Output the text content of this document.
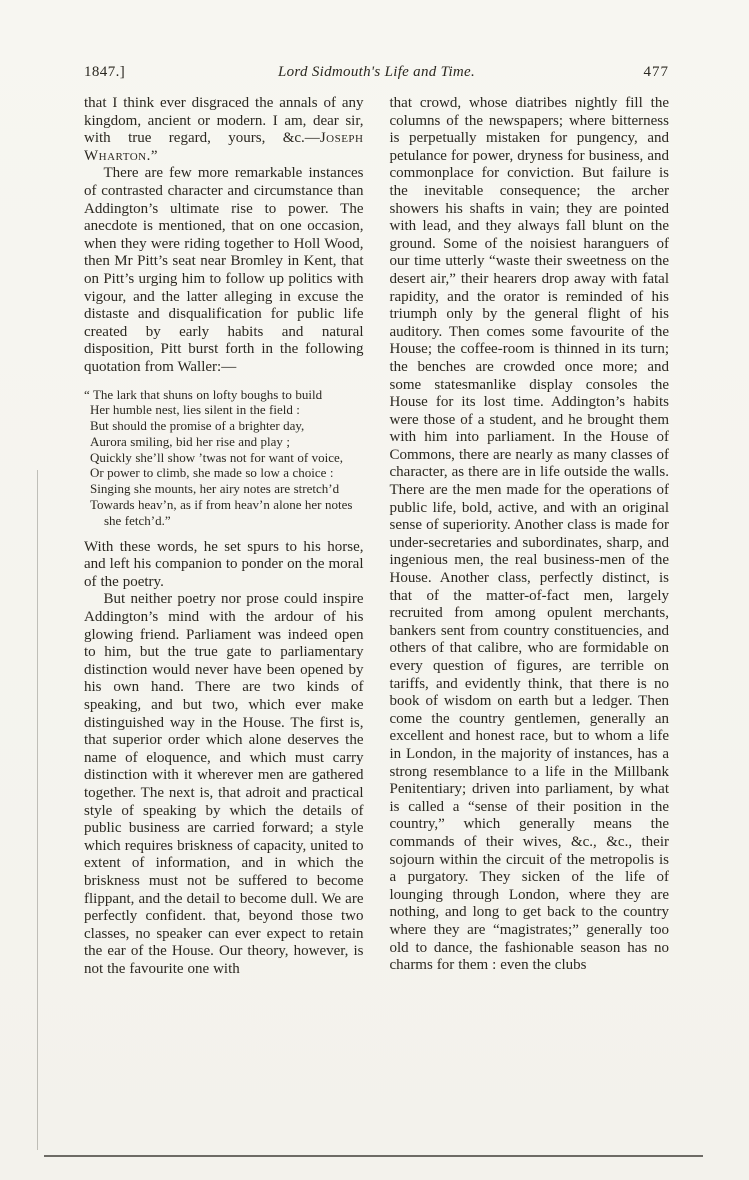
1847.]	Lord Sidmouth's Life and Time.	477

that I think ever disgraced the annals of any kingdom, ancient or modern. I am, dear sir, with true regard, yours, &c.—Joseph Wharton.”

There are few more remarkable instances of contrasted character and circumstance than Addington’s ultimate rise to power. The anecdote is mentioned, that on one occasion, when they were riding together to Holl Wood, then Mr Pitt’s seat near Bromley in Kent, that on Pitt’s urging him to follow up politics with vigour, and the latter alleging in excuse the distaste and disqualification for public life created by early habits and natural disposition, Pitt burst forth in the following quotation from Waller:—

“ The lark that shuns on lofty boughs to build
Her humble nest, lies silent in the field :
But should the promise of a brighter day,
Aurora smiling, bid her rise and play ;
Quickly she’ll show ’twas not for want of voice,
Or power to climb, she made so low a choice :
Singing she mounts, her airy notes are stretch’d
Towards heav’n, as if from heav’n alone her notes she fetch’d.”

With these words, he set spurs to his horse, and left his companion to ponder on the moral of the poetry.

But neither poetry nor prose could inspire Addington’s mind with the ardour of his glowing friend. Parliament was indeed open to him, but the true gate to parliamentary distinction would never have been opened by his own hand. There are two kinds of speaking, and but two, which ever make distinguished way in the House. The first is, that superior order which alone deserves the name of eloquence, and which must carry distinction with it wherever men are gathered together. The next is, that adroit and practical style of speaking by which the details of public business are carried forward; a style which requires briskness of capacity, united to extent of information, and in which the briskness must not be suffered to become flippant, and the detail to become dull. We are perfectly confident. that, beyond those two classes, no speaker can ever expect to retain the ear of the House. Our theory, however, is not the favourite one with

that crowd, whose diatribes nightly fill the columns of the newspapers; where bitterness is perpetually mistaken for pungency, and petulance for power, dryness for business, and commonplace for conviction. But failure is the inevitable consequence; the archer showers his shafts in vain; they are pointed with lead, and they always fall blunt on the ground. Some of the noisiest haranguers of our time utterly “waste their sweetness on the desert air,” their hearers drop away with fatal rapidity, and the orator is reminded of his triumph only by the general flight of his auditory. Then comes some favourite of the House; the coffee-room is thinned in its turn; the benches are crowded once more; and some statesmanlike display consoles the House for its lost time. Addington’s habits were those of a student, and he brought them with him into parliament. In the House of Commons, there are nearly as many classes of character, as there are in life outside the walls. There are the men made for the operations of public life, bold, active, and with an original sense of superiority. Another class is made for under-secretaries and subordinates, sharp, and ingenious men, the real business-men of the House. Another class, perfectly distinct, is that of the matter-of-fact men, largely recruited from among opulent merchants, bankers sent from country constituencies, and others of that calibre, who are formidable on every question of figures, are terrible on tariffs, and evidently think, that there is no book of wisdom on earth but a ledger. Then come the country gentlemen, generally an excellent and honest race, but to whom a life in London, in the majority of instances, has a strong resemblance to a life in the Millbank Penitentiary; driven into parliament, by what is called a “sense of their position in the country,” which generally means the commands of their wives, &c., &c., their sojourn within the circuit of the metropolis is a purgatory. They sicken of the life of lounging through London, where they are nothing, and long to get back to the country where they are “magistrates;” generally too old to dance, the fashionable season has no charms for them : even the clubs
